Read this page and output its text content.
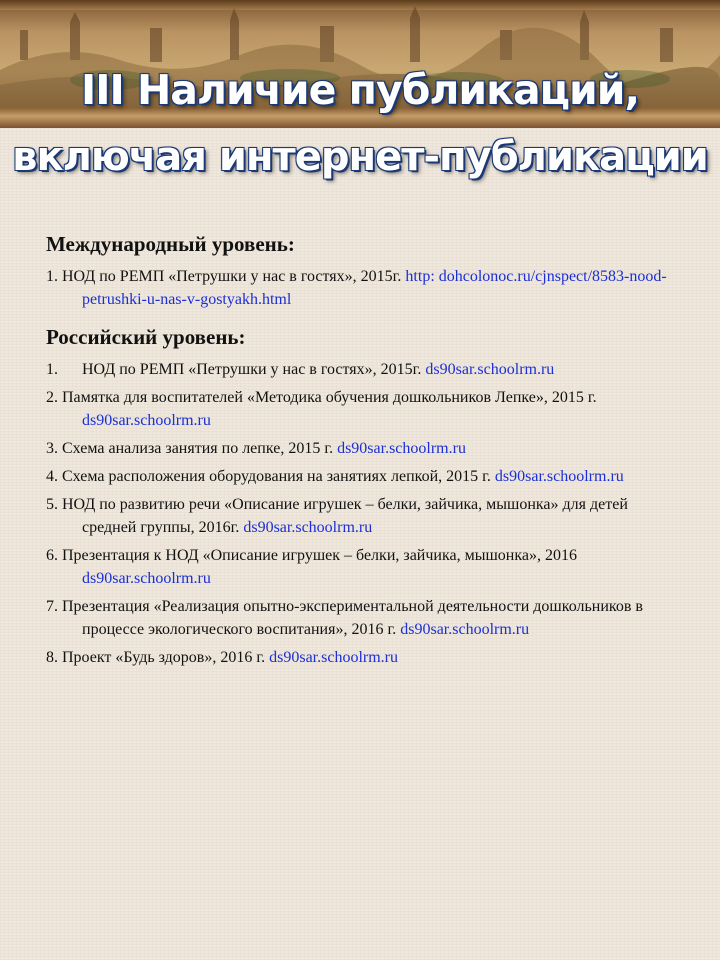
III Наличие публикаций,
включая интернет-публикации
Международный уровень:
1. НОД по РЕМП «Петрушки у нас в гостях», 2015г. http: dohcolonoc.ru/cjnspect/8583-nood-petrushki-u-nas-v-gostyakh.html
Российский уровень:
1. НОД по РЕМП «Петрушки у нас в гостях», 2015г. ds90sar.schoolrm.ru
2. Памятка для воспитателей «Методика обучения дошкольников Лепке», 2015 г. ds90sar.schoolrm.ru
3. Схема анализа занятия по лепке, 2015 г. ds90sar.schoolrm.ru
4. Схема расположения оборудования на занятиях лепкой, 2015 г. ds90sar.schoolrm.ru
5. НОД по развитию речи «Описание игрушек – белки, зайчика, мышонка» для детей средней группы, 2016г. ds90sar.schoolrm.ru
6. Презентация к НОД «Описание игрушек – белки, зайчика, мышонка», 2016 ds90sar.schoolrm.ru
7. Презентация «Реализация опытно-экспериментальной деятельности дошкольников в процессе экологического воспитания», 2016 г. ds90sar.schoolrm.ru
8. Проект «Будь здоров», 2016 г. ds90sar.schoolrm.ru
